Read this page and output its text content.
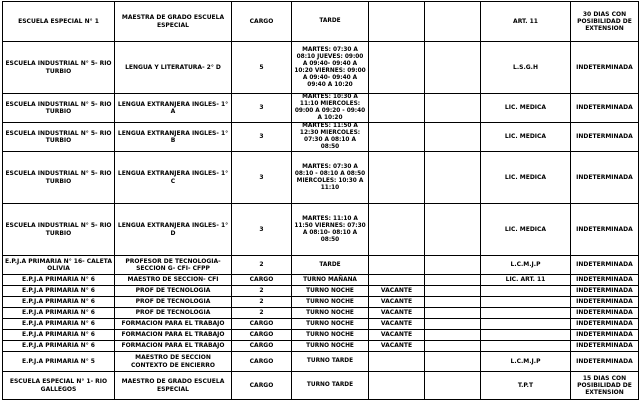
ESCUELA ESPECIAL N° 1	MAESTRA DE GRADO ESCUELA ESPECIAL	CARGO	TARDE			ART. 11	30 DIAS CON POSIBILIDAD DE EXTENSION
ESCUELA INDUSTRIAL N° 5- RIO TURBIO	LENGUA Y LITERATURA- 2° D	5	MARTES: 07:30 A 08:10 JUEVES: 09:00 A 09:40- 09:40 A 10:20 VIERNES: 09:00 A 09:40- 09:40 A 09:40 A 10:20			L.S.G.H	INDETERMINADA
ESCUELA INDUSTRIAL N° 5- RIO TURBIO	LENGUA EXTRANJERA INGLES- 1° A	3	MARTES: 10:30 A 11:10 MIERCOLES: 09:00 A 09:20 - 09:40 A 10:20			LIC. MEDICA	INDETERMINADA
ESCUELA INDUSTRIAL N° 5- RIO TURBIO	LENGUA EXTRANJERA INGLES- 1° B	3	MARTES: 11:50 A 12:30 MIERCOLES: 07:30 A 08:10 A 08:50			LIC. MEDICA	INDETERMINADA
ESCUELA INDUSTRIAL N° 5- RIO TURBIO	LENGUA EXTRANJERA INGLES- 1° C	3	MARTES: 07:30 A 08:10 - 08:10 A 08:50 MIERCOLES: 10:30 A 11:10			LIC. MEDICA	INDETERMINADA
ESCUELA INDUSTRIAL N° 5- RIO TURBIO	LENGUA EXTRANJERA INGLES- 1° D	3	MARTES: 11:10 A 11:50 VIERNES: 07:30 A 08:10- 08:10 A 08:50			LIC. MEDICA	INDETERMINADA
E.P.J.A PRIMARIA N° 16- CALETA OLIVIA	PROFESOR DE TECNOLOGIA- SECCION G- CFI- CFPP	2	TARDE			L.C.M.J.P	INDETERMINADA
E.P.J.A PRIMARIA N° 6	MAESTRO DE SECCION- CFI	CARGO	TURNO MAÑANA			LIC. ART. 11	INDETERMINADA
E.P.J.A PRIMARIA N° 6	PROF DE TECNOLOGIA	2	TURNO NOCHE	VACANTE			INDETERMINADA
E.P.J.A PRIMARIA N° 6	PROF DE TECNOLOGIA	2	TURNO NOCHE	VACANTE			INDETERMINADA
E.P.J.A PRIMARIA N° 6	PROF DE TECNOLOGIA	2	TURNO NOCHE	VACANTE			INDETERMINADA
E.P.J.A PRIMARIA N° 6	FORMACION PARA EL TRABAJO	CARGO	TURNO NOCHE	VACANTE			INDETERMINADA
E.P.J.A PRIMARIA N° 6	FORMACION PARA EL TRABAJO	CARGO	TURNO NOCHE	VACANTE			INDETERMINADA
E.P.J.A PRIMARIA N° 6	FORMACION PARA EL TRABAJO	CARGO	TURNO NOCHE	VACANTE			INDETERMINADA
E.P.J.A PRIMARIA N° 5	MAESTRO DE SECCION CONTEXTO DE ENCIERRO	CARGO	TURNO TARDE			L.C.M.J.P	INDETERMINADA
ESCUELA ESPECIAL N° 1- RIO GALLEGOS	MAESTRO DE GRADO ESCUELA ESPECIAL	CARGO	TURNO TARDE			T.P.T	15 DIAS CON POSIBILIDAD DE EXTENSION
